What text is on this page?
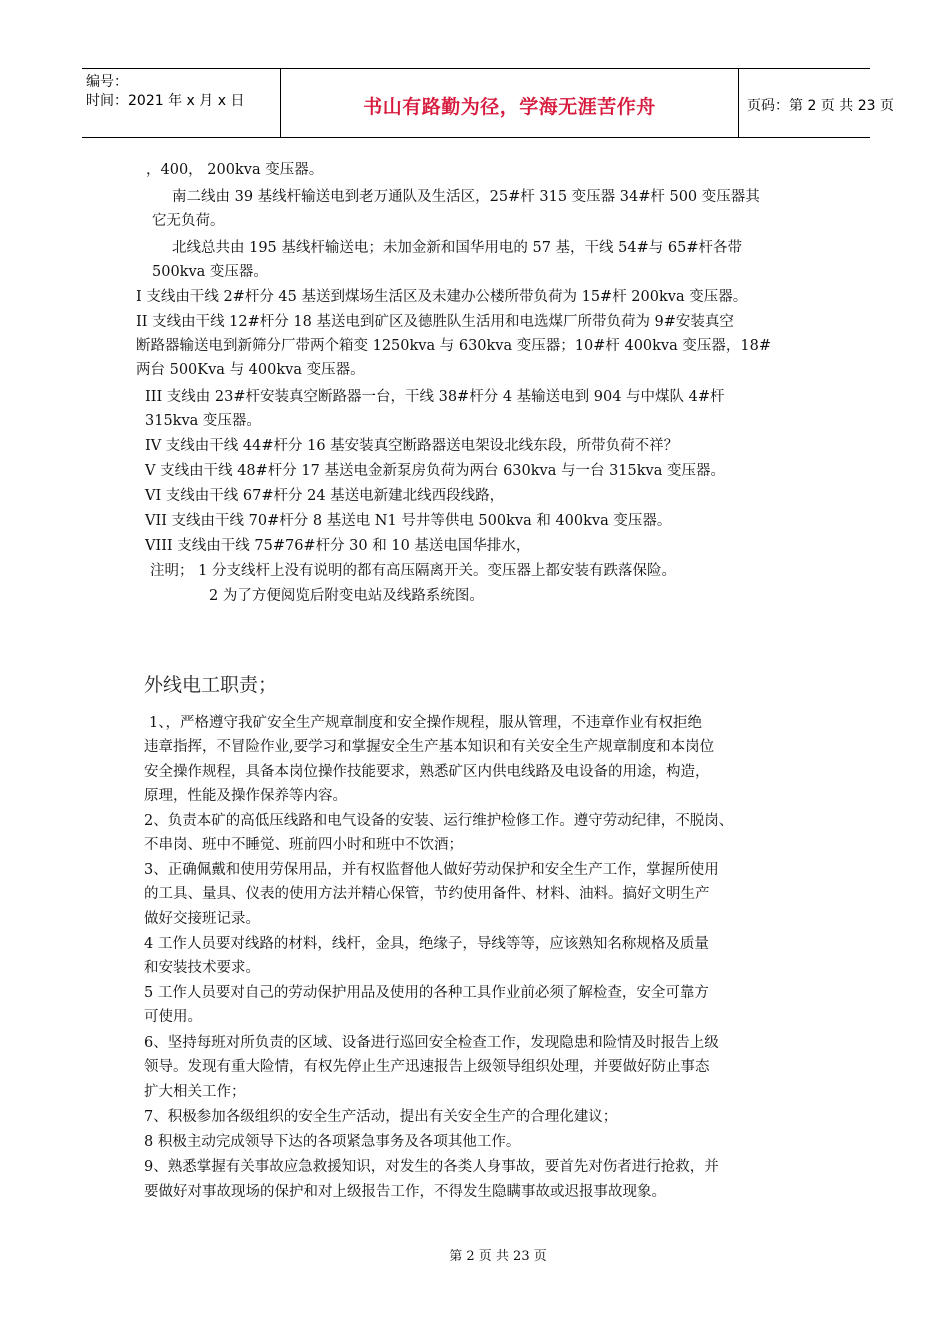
编号：
时间：2021 年 x 月 x 日	书山有路勤为径，学海无涯苦作舟	页码：第 2 页 共 23 页
，400， 200kva 变压器。
南二线由 39 基线杆输送电到老万通队及生活区，25#杆 315 变压器 34#杆 500 变压器其
它无负荷。
北线总共由 195 基线杆输送电；未加金新和国华用电的 57 基，干线 54#与 65#杆各带
500kva 变压器。
I 支线由干线 2#杆分 45 基送到煤场生活区及未建办公楼所带负荷为 15#杆 200kva 变压器。
II 支线由干线 12#杆分 18 基送电到矿区及德胜队生活用和电选煤厂所带负荷为 9#安装真空
断路器输送电到新筛分厂带两个箱变 1250kva 与 630kva 变压器；10#杆 400kva 变压器，18#
两台 500Kva 与 400kva 变压器。
III 支线由 23#杆安装真空断路器一台，干线 38#杆分 4 基输送电到 904 与中煤队 4#杆
315kva 变压器。
IV 支线由干线 44#杆分 16 基安装真空断路器送电架设北线东段，所带负荷不祥？
V 支线由干线 48#杆分 17 基送电金新泵房负荷为两台 630kva 与一台 315kva 变压器。
VI 支线由干线 67#杆分 24 基送电新建北线西段线路，
VII 支线由干线 70#杆分 8 基送电 N1 号井等供电 500kva 和 400kva 变压器。
VIII 支线由干线 75#76#杆分 30 和 10 基送电国华排水，
注明； 1 分支线杆上没有说明的都有高压隔离开关。变压器上都安装有跌落保险。
2 为了方便阅览后附变电站及线路系统图。
外线电工职责；
1、，严格遵守我矿安全生产规章制度和安全操作规程，服从管理，不违章作业有权拒绝
违章指挥，不冒险作业,要学习和掌握安全生产基本知识和有关安全生产规章制度和本岗位
安全操作规程，具备本岗位操作技能要求，熟悉矿区内供电线路及电设备的用途，构造，
原理，性能及操作保养等内容。
2、负责本矿的高低压线路和电气设备的安装、运行维护检修工作。遵守劳动纪律，不脱岗、
不串岗、班中不睡觉、班前四小时和班中不饮酒；
3、正确佩戴和使用劳保用品，并有权监督他人做好劳动保护和安全生产工作，掌握所使用
的工具、量具、仪表的使用方法并精心保管，节约使用备件、材料、油料。搞好文明生产
做好交接班记录。
4 工作人员要对线路的材料，线杆，金具，绝缘子，导线等等，应该熟知名称规格及质量
和安装技术要求。
5 工作人员要对自己的劳动保护用品及使用的各种工具作业前必须了解检查，安全可靠方
可使用。
6、坚持每班对所负责的区域、设备进行巡回安全检查工作，发现隐患和险情及时报告上级
领导。发现有重大险情，有权先停止生产迅速报告上级领导组织处理，并要做好防止事态
扩大相关工作；
7、积极参加各级组织的安全生产活动，提出有关安全生产的合理化建议；
8 积极主动完成领导下达的各项紧急事务及各项其他工作。
9、熟悉掌握有关事故应急救援知识，对发生的各类人身事故，要首先对伤者进行抢救，并
要做好对事故现场的保护和对上级报告工作，不得发生隐瞒事故或迟报事故现象。
第 2 页 共 23 页
